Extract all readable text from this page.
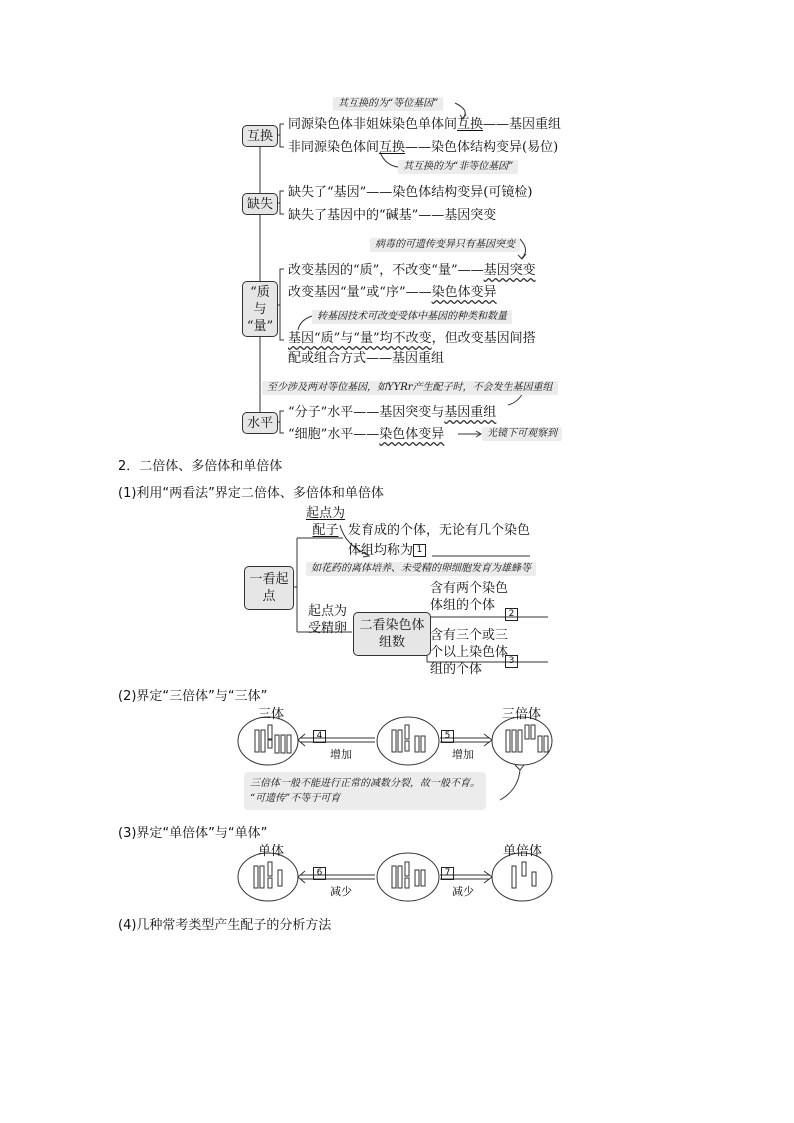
其互换的为“等位基因”
互换
同源染色体非姐妹染色单体间互换——基因重组
非同源染色体间互换——染色体结构变异(易位)
其互换的为“非等位基因”
缺失
缺失了“基因”——染色体结构变异(可镜检)
缺失了基因中的“碱基”——基因突变
病毒的可遗传变异只有基因突变
“质
与
“量”
改变基因的“质”，不改变“量”——基因突变
改变基因“量”或“序”——染色体变异
转基因技术可改变受体中基因的种类和数量
基因“质”与“量”均不改变，但改变基因间搭
配或组合方式——基因重组
至少涉及两对等位基因，如YYRr产生配子时，不会发生基因重组
水平
“分子”水平——基因突变与基因重组
“细胞”水平——染色体变异	光镜下可观察到
2．二倍体、多倍体和单倍体
(1)利用“两看法”界定二倍体、多倍体和单倍体
一看起点
起点为
配子 发育成的个体，无论有几个染色
体组均称为 1
如花药的离体培养、未受精的卵细胞发育为雄蜂等
起点为
受精卵 二看染色体组数
含有两个染色
体组的个体
2
含有三个或三
个以上染色体
组的个体
3
(2)界定“三倍体”与“三体”
三体
4
增加
5
增加
三倍体
三倍体一般不能进行正常的减数分裂，故一般不育。
“可遗传”不等于可育
(3)界定“单倍体”与“单体”
单体
6
减少
7
减少
单倍体
(4)几种常考类型产生配子的分析方法
